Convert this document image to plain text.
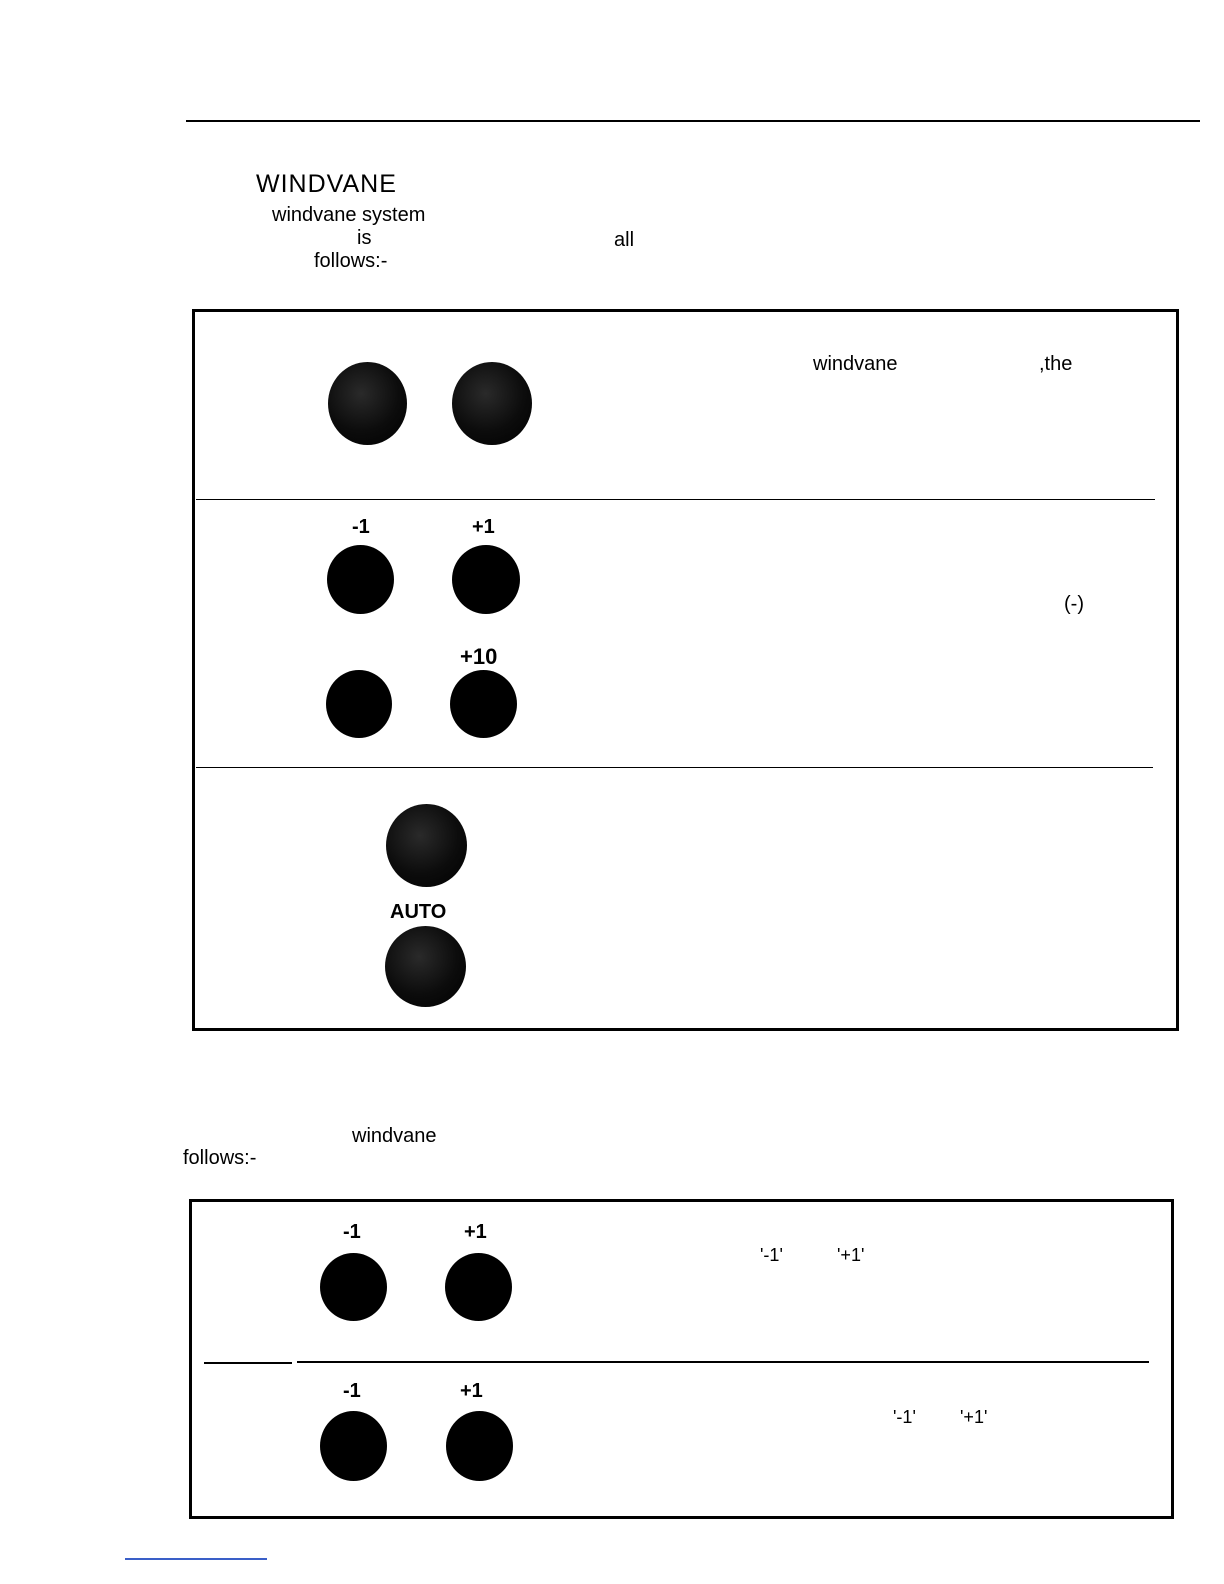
WINDVANE
windvane system
is	all
follows:-
windvane	,the
-1	+1
(-)
+10
AUTO
windvane
follows:-
-1	+1
'-1'	'+1'
-1	+1
'-1' '+1'
